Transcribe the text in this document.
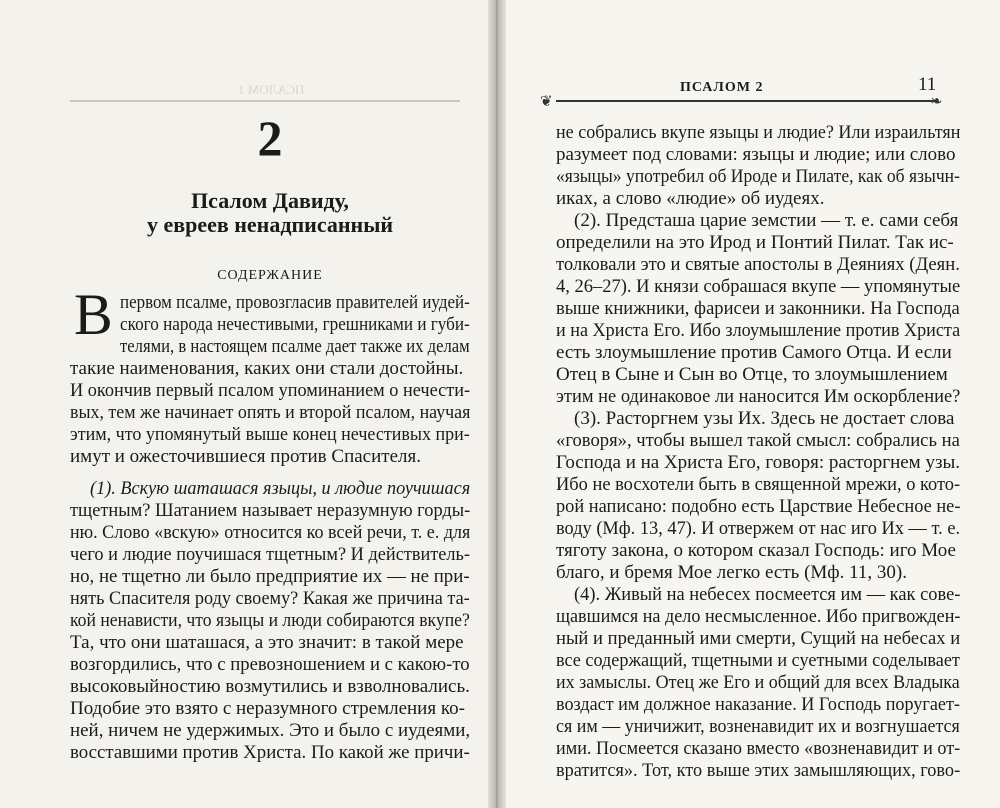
ПСАЛОМ 1	ПСАЛОМ 2	11
❦	❧
2
Псалом Давиду,
у евреев ненадписанный
СОДЕРЖАНИЕ
В первом псалме, провозгласив правителей иудей-
ского народа нечестивыми, грешниками и губи-
телями, в настоящем псалме дает также их делам
такие наименования, каких они стали достойны.
И окончив первый псалом упоминанием о нечести-
вых, тем же начинает опять и второй псалом, научая
этим, что упомянутый выше конец нечестивых при-
имут и ожесточившиеся против Спасителя.
(1). Вскую шаташася языцы, и людие поучишася
тщетным? Шатанием называет неразумную горды-
ню. Слово «вскую» относится ко всей речи, т. е. для
чего и людие поучишася тщетным? И действитель-
но, не тщетно ли было предприятие их — не при-
нять Спасителя роду своему? Какая же причина та-
кой ненависти, что языцы и люди собираются вкупе?
Та, что они шаташася, а это значит: в такой мере
возгордились, что с превозношением и с какою-то
высоковыйностию возмутились и взволновались.
Подобие это взято с неразумного стремления ко-
ней, ничем не удержимых. Это и было с иудеями,
восставшими против Христа. По какой же причи-
не собрались вкупе языцы и людие? Или израильтян
разумеет под словами: языцы и людие; или слово
«языцы» употребил об Ироде и Пилате, как об язычн-
иках, а слово «людие» об иудеях.
(2). Предсташа царие земстии — т. е. сами себя
определили на это Ирод и Понтий Пилат. Так ис-
толковали это и святые апостолы в Деяниях (Деян.
4, 26–27). И князи собрашася вкупе — упомянутые
выше книжники, фарисеи и законники. На Господа
и на Христа Его. Ибо злоумышление против Христа
есть злоумышление против Самого Отца. И если
Отец в Сыне и Сын во Отце, то злоумышлением
этим не одинаковое ли наносится Им оскорбление?
(3). Расторгнем узы Их. Здесь не достает слова
«говоря», чтобы вышел такой смысл: собрались на
Господа и на Христа Его, говоря: расторгнем узы.
Ибо не восхотели быть в священной мрежи, о кото-
рой написано: подобно есть Царствие Небесное не-
воду (Мф. 13, 47). И отвержем от нас иго Их — т. е.
тяготу закона, о котором сказал Господь: иго Мое
благо, и бремя Мое легко есть (Мф. 11, 30).
(4). Живый на небесех посмеется им — как сове-
щавшимся на дело несмысленное. Ибо пригвожден-
ный и преданный ими смерти, Сущий на небесах и
все содержащий, тщетными и суетными соделывает
их замыслы. Отец же Его и общий для всех Владыка
воздаст им должное наказание. И Господь поругает-
ся им — уничижит, возненавидит их и возгнушается
ими. Посмеется сказано вместо «возненавидит и от-
вратится». Тот, кто выше этих замышляющих, гово-
